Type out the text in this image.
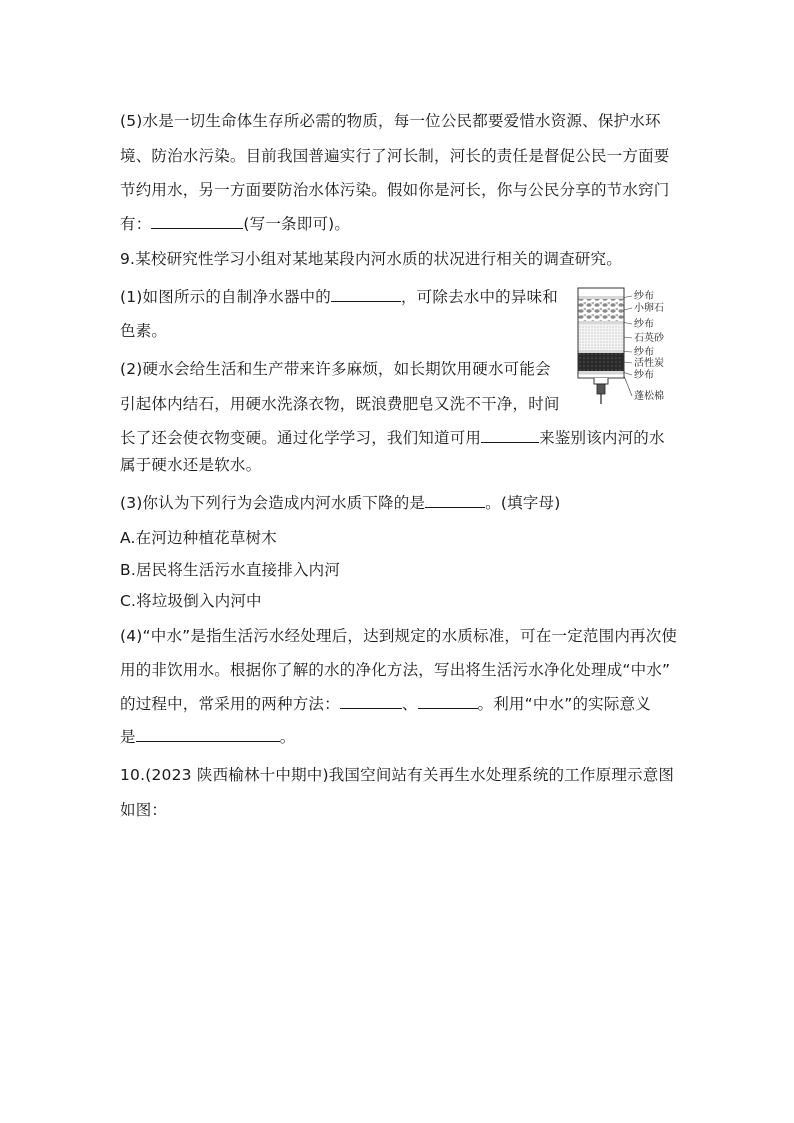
(5)水是一切生命体生存所必需的物质，每一位公民都要爱惜水资源、保护水环
境、防治水污染。目前我国普遍实行了河长制，河长的责任是督促公民一方面要
节约用水，另一方面要防治水体污染。假如你是河长，你与公民分享的节水窍门
有：	(写一条即可)。
9.某校研究性学习小组对某地某段内河水质的状况进行相关的调查研究。
(1)如图所示的自制净水器中的	，可除去水中的异味和
色素。
(2)硬水会给生活和生产带来许多麻烦，如长期饮用硬水可能会
引起体内结石，用硬水洗涤衣物，既浪费肥皂又洗不干净，时间
长了还会使衣物变硬。通过化学学习，我们知道可用	来鉴别该内河的水
属于硬水还是软水。
(3)你认为下列行为会造成内河水质下降的是	。(填字母)
A.在河边种植花草树木
B.居民将生活污水直接排入内河
C.将垃圾倒入内河中
(4)“中水”是指生活污水经处理后，达到规定的水质标准，可在一定范围内再次使
用的非饮用水。根据你了解的水的净化方法，写出将生活污水净化处理成“中水”
的过程中，常采用的两种方法：	、	。利用“中水”的实际意义
是	。
10.(2023 陕西榆林十中期中)我国空间站有关再生水处理系统的工作原理示意图
如图：
纱布
小卵石
纱布
石英砂
纱布
活性炭
纱布
蓬松棉
